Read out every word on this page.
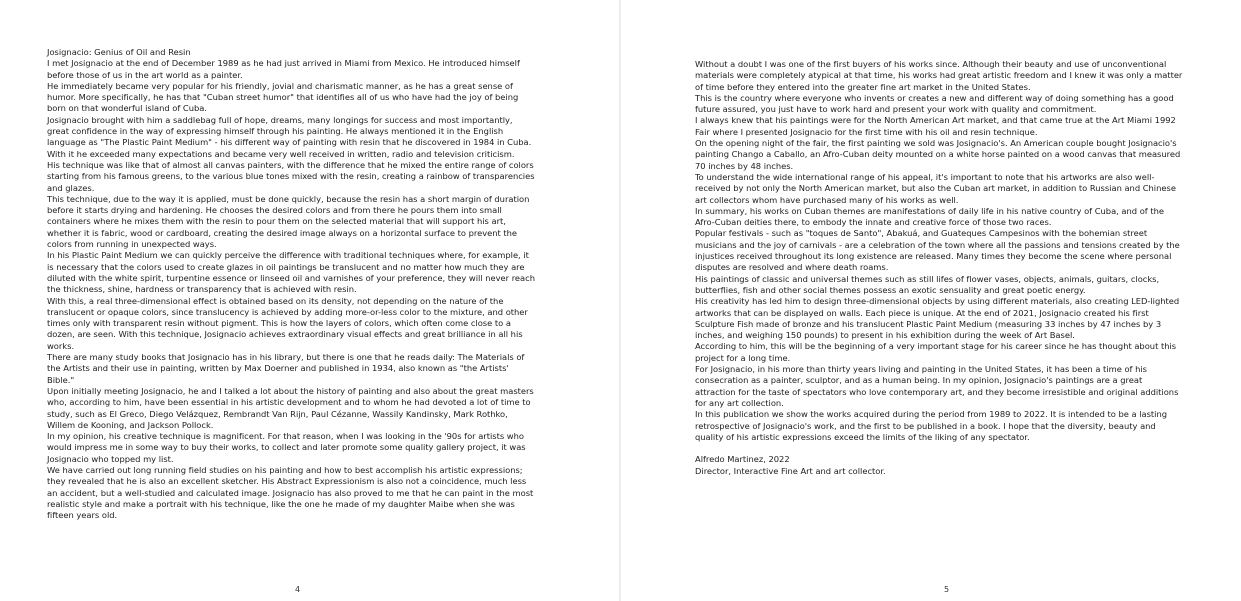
Josignacio: Genius of Oil and Resin

I met Josignacio at the end of December 1989 as he had just arrived in Miami from Mexico. He introduced himself before those of us in the art world as a painter.

He immediately became very popular for his friendly, jovial and charismatic manner, as he has a great sense of humor. More specifically, he has that "Cuban street humor" that identifies all of us who have had the joy of being born on that wonderful island of Cuba.

Josignacio brought with him a saddlebag full of hope, dreams, many longings for success and most importantly, great confidence in the way of expressing himself through his painting. He always mentioned it in the English language as "The Plastic Paint Medium" - his different way of painting with resin that he discovered in 1984 in Cuba. With it he exceeded many expectations and became very well received in written, radio and television criticism.

His technique was like that of almost all canvas painters, with the difference that he mixed the entire range of colors starting from his famous greens, to the various blue tones mixed with the resin, creating a rainbow of transparencies and glazes.

This technique, due to the way it is applied, must be done quickly, because the resin has a short margin of duration before it starts drying and hardening. He chooses the desired colors and from there he pours them into small containers where he mixes them with the resin to pour them on the selected material that will support his art, whether it is fabric, wood or cardboard, creating the desired image always on a horizontal surface to prevent the colors from running in unexpected ways.

In his Plastic Paint Medium we can quickly perceive the difference with traditional techniques where, for example, it is necessary that the colors used to create glazes in oil paintings be translucent and no matter how much they are diluted with the white spirit, turpentine essence or linseed oil and varnishes of your preference, they will never reach the thickness, shine, hardness or transparency that is achieved with resin.

With this, a real three-dimensional effect is obtained based on its density, not depending on the nature of the translucent or opaque colors, since translucency is achieved by adding more-or-less color to the mixture, and other times only with transparent resin without pigment. This is how the layers of colors, which often come close to a dozen, are seen. With this technique, Josignacio achieves extraordinary visual effects and great brilliance in all his works.

There are many study books that Josignacio has in his library, but there is one that he reads daily: The Materials of the Artists and their use in painting, written by Max Doerner and published in 1934, also known as "the Artists' Bible."

Upon initially meeting Josignacio, he and I talked a lot about the history of painting and also about the great masters who, according to him, have been essential in his artistic development and to whom he had devoted a lot of time to study, such as El Greco, Diego Velázquez, Rembrandt Van Rijn, Paul Cézanne, Wassily Kandinsky, Mark Rothko, Willem de Kooning, and Jackson Pollock.

In my opinion, his creative technique is magnificent. For that reason, when I was looking in the '90s for artists who would impress me in some way to buy their works, to collect and later promote some quality gallery project, it was Josignacio who topped my list.

We have carried out long running field studies on his painting and how to best accomplish his artistic expressions; they revealed that he is also an excellent sketcher. His Abstract Expressionism is also not a coincidence, much less an accident, but a well-studied and calculated image. Josignacio has also proved to me that he can paint in the most realistic style and make a portrait with his technique, like the one he made of my daughter Maibe when she was fifteen years old.

4

Without a doubt I was one of the first buyers of his works since. Although their beauty and use of unconventional materials were completely atypical at that time, his works had great artistic freedom and I knew it was only a matter of time before they entered into the greater fine art market in the United States.

This is the country where everyone who invents or creates a new and different way of doing something has a good future assured, you just have to work hard and present your work with quality and commitment.

I always knew that his paintings were for the North American Art market, and that came true at the Art Miami 1992 Fair where I presented Josignacio for the first time with his oil and resin technique.

On the opening night of the fair, the first painting we sold was Josignacio's. An American couple bought Josignacio's painting Chango a Caballo, an Afro-Cuban deity mounted on a white horse painted on a wood canvas that measured 70 inches by 48 inches.

To understand the wide international range of his appeal, it's important to note that his artworks are also well-received by not only the North American market, but also the Cuban art market, in addition to Russian and Chinese art collectors whom have purchased many of his works as well.

In summary, his works on Cuban themes are manifestations of daily life in his native country of Cuba, and of the Afro-Cuban deities there, to embody the innate and creative force of those two races.

Popular festivals - such as "toques de Santo", Abakuá, and Guateques Campesinos with the bohemian street musicians and the joy of carnivals - are a celebration of the town where all the passions and tensions created by the injustices received throughout its long existence are released. Many times they become the scene where personal disputes are resolved and where death roams.

His paintings of classic and universal themes such as still lifes of flower vases, objects, animals, guitars, clocks, butterflies, fish and other social themes possess an exotic sensuality and great poetic energy.

His creativity has led him to design three-dimensional objects by using different materials, also creating LED-lighted artworks that can be displayed on walls. Each piece is unique. At the end of 2021, Josignacio created his first Sculpture Fish made of bronze and his translucent Plastic Paint Medium (measuring 33 inches by 47 inches by 3 inches, and weighing 150 pounds) to present in his exhibition during the week of Art Basel.

According to him, this will be the beginning of a very important stage for his career since he has thought about this project for a long time.

For Josignacio, in his more than thirty years living and painting in the United States, it has been a time of his consecration as a painter, sculptor, and as a human being. In my opinion, Josignacio's paintings are a great attraction for the taste of spectators who love contemporary art, and they become irresistible and original additions for any art collection.

In this publication we show the works acquired during the period from 1989 to 2022. It is intended to be a lasting retrospective of Josignacio's work, and the first to be published in a book. I hope that the diversity, beauty and quality of his artistic expressions exceed the limits of the liking of any spectator.

Alfredo Martinez, 2022

Director, Interactive Fine Art and art collector.

5
